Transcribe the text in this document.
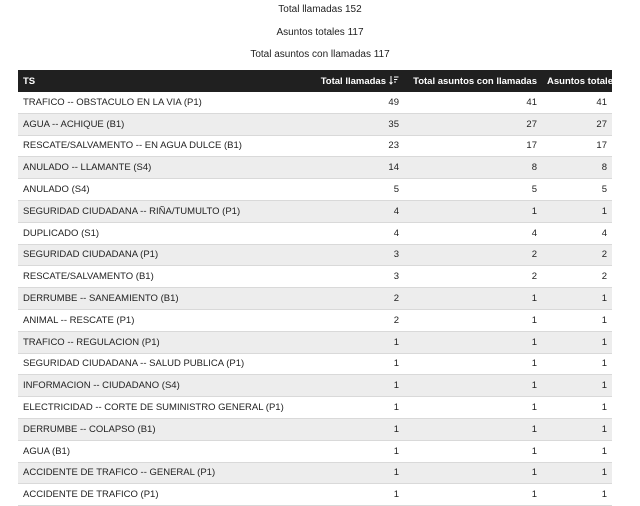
Total llamadas 152
Asuntos totales 117
Total asuntos con llamadas 117
TS	Total llamadas	Total asuntos con llamadas	Asuntos totales
TRAFICO -- OBSTACULO EN LA VIA (P1)	49	41	41
AGUA -- ACHIQUE (B1)	35	27	27
RESCATE/SALVAMENTO -- EN AGUA DULCE (B1)	23	17	17
ANULADO -- LLAMANTE (S4)	14	8	8
ANULADO (S4)	5	5	5
SEGURIDAD CIUDADANA -- RIÑA/TUMULTO (P1)	4	1	1
DUPLICADO (S1)	4	4	4
SEGURIDAD CIUDADANA (P1)	3	2	2
RESCATE/SALVAMENTO (B1)	3	2	2
DERRUMBE -- SANEAMIENTO (B1)	2	1	1
ANIMAL -- RESCATE (P1)	2	1	1
TRAFICO -- REGULACION (P1)	1	1	1
SEGURIDAD CIUDADANA -- SALUD PUBLICA (P1)	1	1	1
INFORMACION -- CIUDADANO (S4)	1	1	1
ELECTRICIDAD -- CORTE DE SUMINISTRO GENERAL (P1)	1	1	1
DERRUMBE -- COLAPSO (B1)	1	1	1
AGUA (B1)	1	1	1
ACCIDENTE DE TRAFICO -- GENERAL (P1)	1	1	1
ACCIDENTE DE TRAFICO (P1)	1	1	1
